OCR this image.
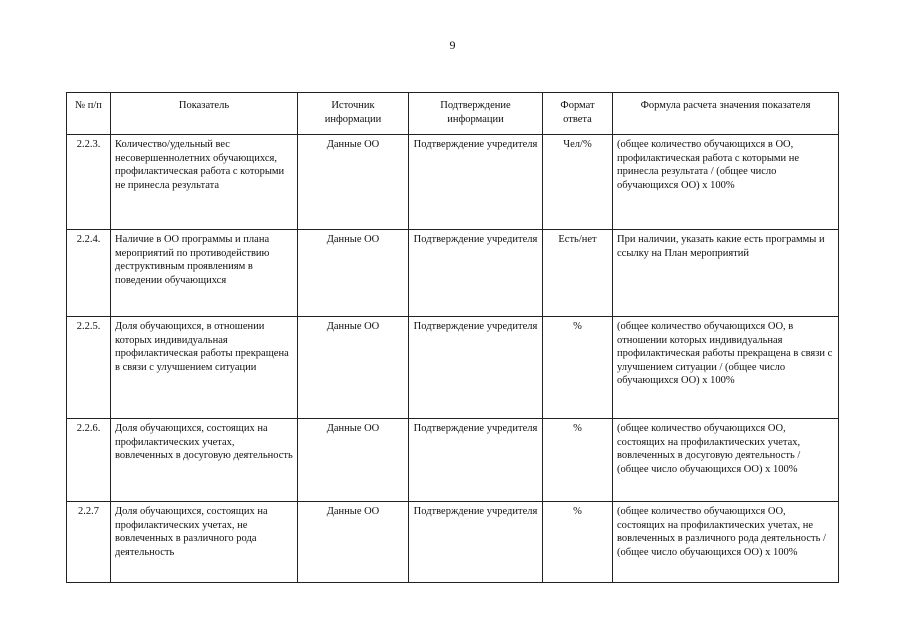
9
№ п/п	Показатель	Источник информации	Подтверждение информации	Формат ответа	Формула расчета значения показателя
2.2.3.	Количество/удельный вес несовершеннолетних обучающихся, профилактическая работа с которыми не принесла результата	Данные ОО	Подтверждение учредителя	Чел/%	(общее количество обучающихся в ОО, профилактическая работа с которыми не принесла результата / (общее число обучающихся ОО) х 100%
2.2.4.	Наличие в ОО программы и плана мероприятий по противодействию деструктивным проявлениям в поведении обучающихся	Данные ОО	Подтверждение учредителя	Есть/нет	При наличии, указать какие есть программы и ссылку на План мероприятий
2.2.5.	Доля обучающихся, в отношении которых индивидуальная профилактическая работы прекращена в связи с улучшением ситуации	Данные ОО	Подтверждение учредителя	%	(общее количество обучающихся ОО, в отношении которых индивидуальная профилактическая работы прекращена в связи с улучшением ситуации / (общее число обучающихся ОО) х 100%
2.2.6.	Доля обучающихся, состоящих на профилактических учетах, вовлеченных в досуговую деятельность	Данные ОО	Подтверждение учредителя	%	(общее количество обучающихся ОО, состоящих на профилактических учетах, вовлеченных в досуговую деятельность / (общее число обучающихся ОО) х 100%
2.2.7	Доля обучающихся, состоящих на профилактических учетах, не вовлеченных в различного рода деятельность	Данные ОО	Подтверждение учредителя	%	(общее количество обучающихся ОО, состоящих на профилактических учетах, не вовлеченных в различного рода деятельность / (общее число обучающихся ОО) х 100%
